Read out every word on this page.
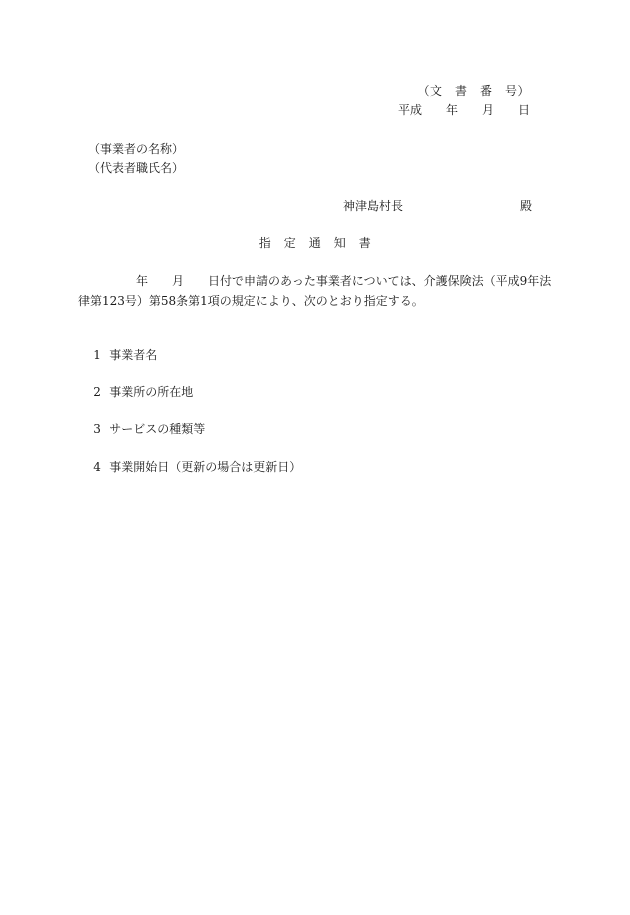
（文　書　番　号）
平成　　年　　月　　日
（事業者の名称）
（代表者職氏名）
神津島村長	殿
指　定　通　知　書
年　　月　　日付で申請のあった事業者については、介護保険法（平成9年法律第123号）第58条第1項の規定により、次のとおり指定する。

1 事業者名

2 事業所の所在地

3 サービスの種類等

4 事業開始日（更新の場合は更新日）
